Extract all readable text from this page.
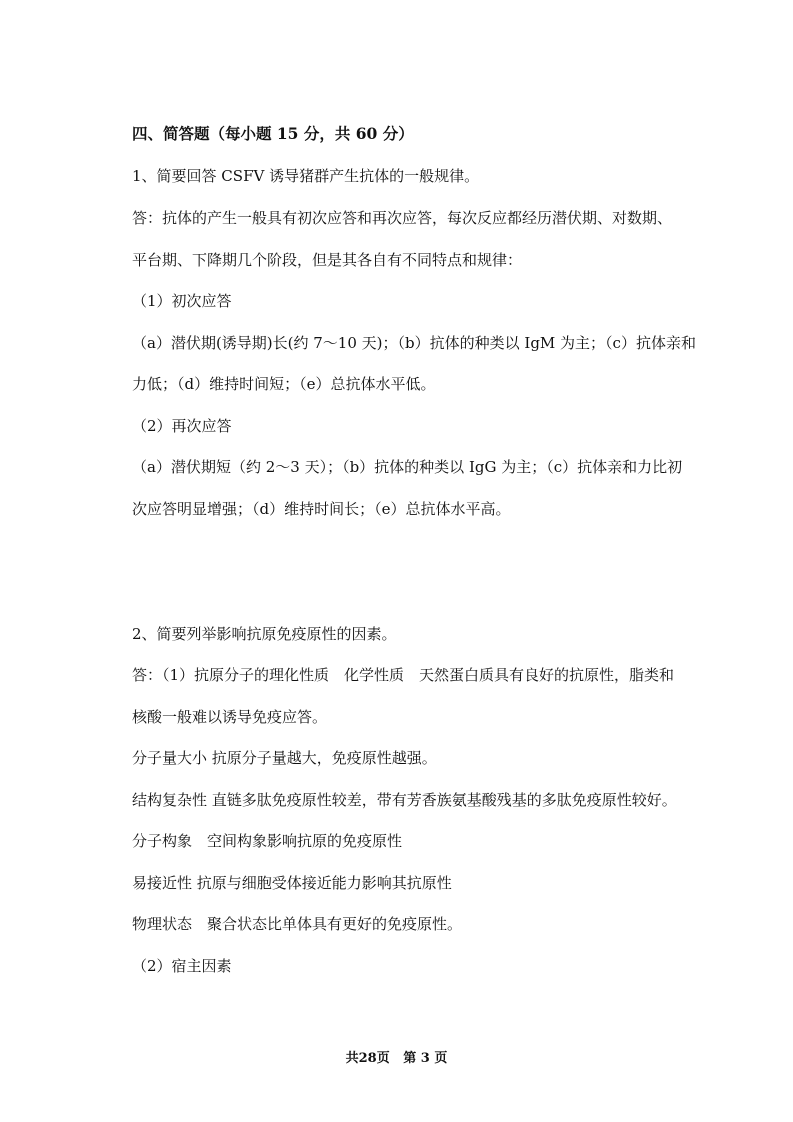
四、简答题（每小题 15 分，共 60 分）
1、简要回答 CSFV 诱导猪群产生抗体的一般规律。
答：抗体的产生一般具有初次应答和再次应答，每次反应都经历潜伏期、对数期、
平台期、下降期几个阶段，但是其各自有不同特点和规律：
（1）初次应答
（a）潜伏期(诱导期)长(约 7～10 天)；（b）抗体的种类以 IgM 为主；（c）抗体亲和
力低；（d）维持时间短；（e）总抗体水平低。
（2）再次应答
（a）潜伏期短（约 2～3 天）；（b）抗体的种类以 IgG 为主；（c）抗体亲和力比初
次应答明显增强；（d）维持时间长；（e）总抗体水平高。
2、简要列举影响抗原免疫原性的因素。
答：（1）抗原分子的理化性质　化学性质　天然蛋白质具有良好的抗原性，脂类和
核酸一般难以诱导免疫应答。
分子量大小 抗原分子量越大，免疫原性越强。
结构复杂性 直链多肽免疫原性较差，带有芳香族氨基酸残基的多肽免疫原性较好。
分子构象　空间构象影响抗原的免疫原性
易接近性 抗原与细胞受体接近能力影响其抗原性
物理状态　聚合状态比单体具有更好的免疫原性。
（2）宿主因素
共28页   第 3 页
